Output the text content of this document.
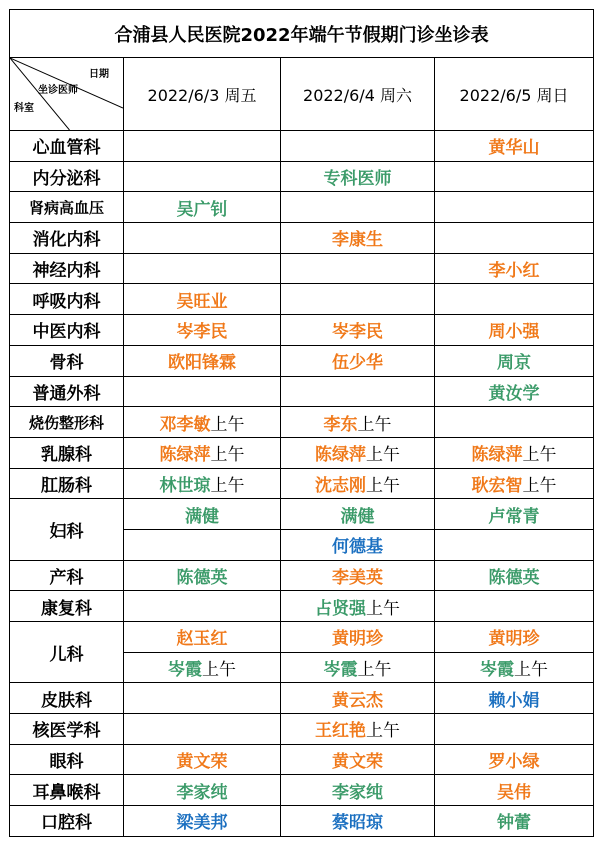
合浦县人民医院2022年端午节假期门诊坐诊表			

日期
坐诊医师
科室	2022/6/3 周五	2022/6/4 周六	2022/6/5 周日
心血管科			黄华山
内分泌科		专科医师	
肾病高血压	吴广钊		
消化内科		李康生	
神经内科			李小红
呼吸内科	吴旺业		
中医内科	岑李民	岑李民	周小强
骨科	欧阳锋霖	伍少华	周京
普通外科			黄汝学
烧伤整形科	邓李敏上午	李东上午	
乳腺科	陈绿萍上午	陈绿萍上午	陈绿萍上午
肛肠科	林世琼上午	沈志刚上午	耿宏智上午
妇科	满健	满健	卢常青
		何德基	
产科	陈德英	李美英	陈德英
康复科		占贤强上午	
儿科	赵玉红	黄明珍	黄明珍
	岑霞上午	岑霞上午	岑霞上午
皮肤科		黄云杰	赖小娟
核医学科		王红艳上午	
眼科	黄文荣	黄文荣	罗小绿
耳鼻喉科	李家纯	李家纯	吴伟
口腔科	梁美邦	蔡昭琼	钟蕾
